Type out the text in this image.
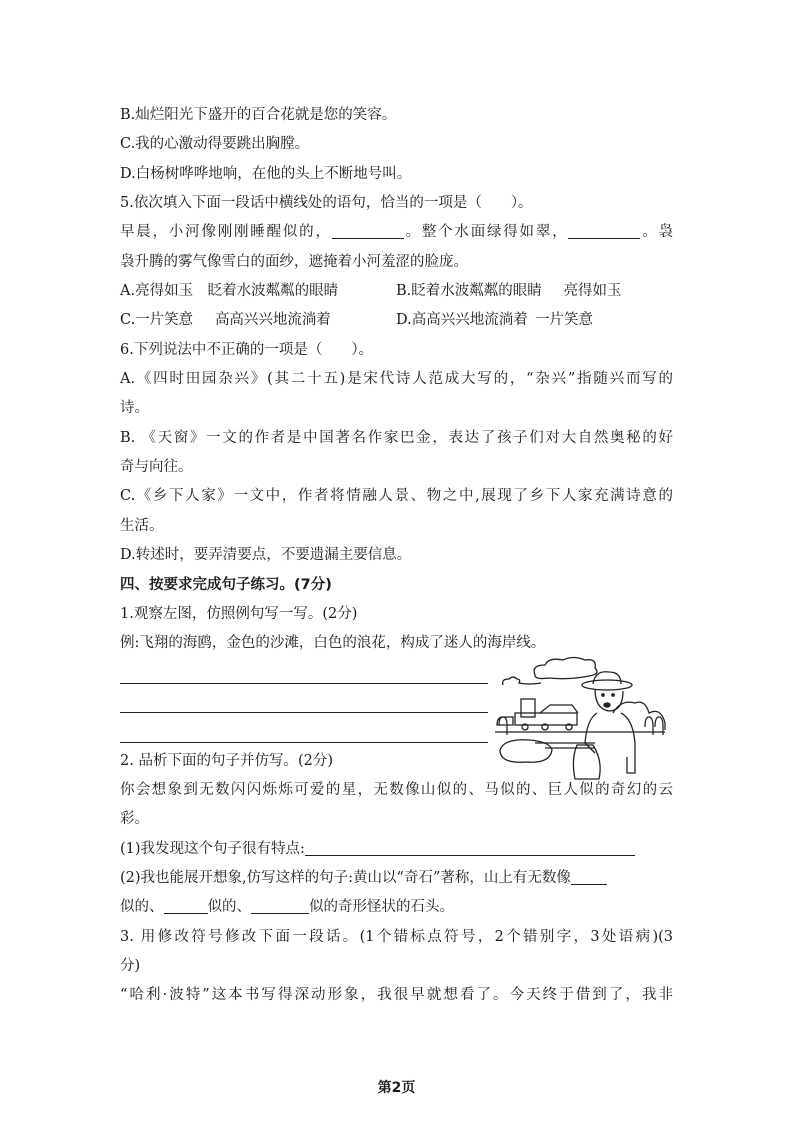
B.灿烂阳光下盛开的百合花就是您的笑容。
C.我的心激动得要跳出胸膛。
D.白杨树哗哗地响，在他的头上不断地号叫。
5.依次填入下面一段话中横线处的语句，恰当的一项是（　　）。
早晨，小河像刚刚睡醒似的，	。整个水面绿得如翠，	。袅
袅升腾的雾气像雪白的面纱，遮掩着小河羞涩的脸庞。
A.亮得如玉　 眨着水波粼粼的眼睛	B.眨着水波粼粼的眼睛　  亮得如玉
C.一片笑意　  高高兴兴地流淌着	D.高高兴兴地流淌着  一片笑意
6.下列说法中不正确的一项是（　　）。
A.《四时田园杂兴》(其二十五)是宋代诗人范成大写的，“杂兴”指随兴而写的
诗。
B. 《天窗》一文的作者是中国著名作家巴金，表达了孩子们对大自然奥秘的好
奇与向往。
C.《乡下人家》一文中，作者将情融人景、物之中,展现了乡下人家充满诗意的
生活。
D.转述时，要弄清要点，不要遗漏主要信息。
四、按要求完成句子练习。(7分)
1.观察左图，仿照例句写一写。(2分)
例:飞翔的海鸥，金色的沙滩，白色的浪花，构成了迷人的海岸线。
2. 品析下面的句子并仿写。(2分)
你会想象到无数闪闪烁烁可爱的星，无数像山似的、马似的、巨人似的奇幻的云
彩。
(1)我发现这个句子很有特点:
(2)我也能展开想象,仿写这样的句子:黄山以“奇石”著称，山上有无数像
似的、	似的、	似的奇形怪状的石头。
3. 用修改符号修改下面一段话。(1个错标点符号，2个错别字，3处语病)(3
分)
“哈利·波特”这本书写得深动形象，我很早就想看了。今天终于借到了，我非
第2页
